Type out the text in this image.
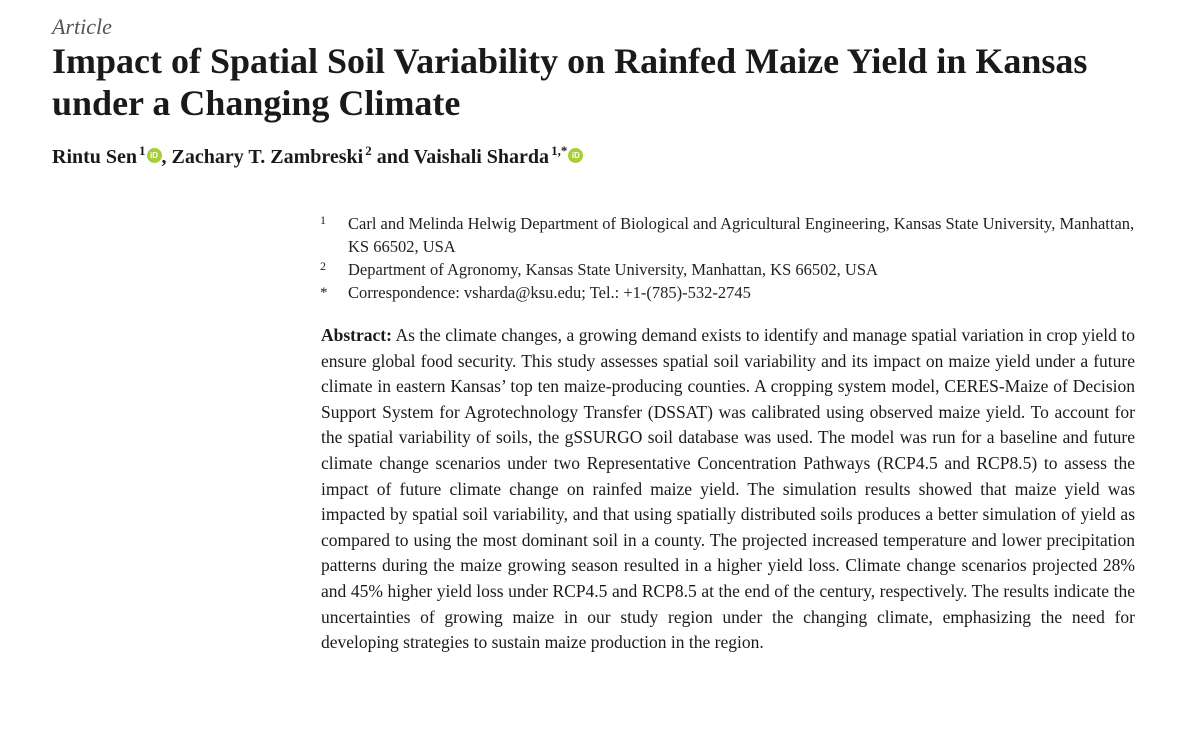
Article
Impact of Spatial Soil Variability on Rainfed Maize Yield in Kansas under a Changing Climate
Rintu Sen $^1$ iD , Zachary T. Zambreski $^2$ and Vaishali Sharda $^{1,*}$ iD
1 Carl and Melinda Helwig Department of Biological and Agricultural Engineering, Kansas State University, Manhattan, KS 66502, USA
2 Department of Agronomy, Kansas State University, Manhattan, KS 66502, USA
* Correspondence: vsharda@ksu.edu; Tel.: +1-(785)-532-2745

Abstract: As the climate changes, a growing demand exists to identify and manage spatial variation in crop yield to ensure global food security. This study assesses spatial soil variability and its impact on maize yield under a future climate in eastern Kansas’ top ten maize-producing counties. A cropping system model, CERES-Maize of Decision Support System for Agrotechnology Transfer (DSSAT) was calibrated using observed maize yield. To account for the spatial variability of soils, the gSSURGO soil database was used. The model was run for a baseline and future climate change scenarios under two Representative Concentration Pathways (RCP4.5 and RCP8.5) to assess the impact of future climate change on rainfed maize yield. The simulation results showed that maize yield was impacted by spatial soil variability, and that using spatially distributed soils produces a better simulation of yield as compared to using the most dominant soil in a county. The projected increased temperature and lower precipitation patterns during the maize growing season resulted in a higher yield loss. Climate change scenarios projected 28% and 45% higher yield loss under RCP4.5 and RCP8.5 at the end of the century, respectively. The results indicate the uncertainties of growing maize in our study region under the changing climate, emphasizing the need for developing strategies to sustain maize production in the region.
